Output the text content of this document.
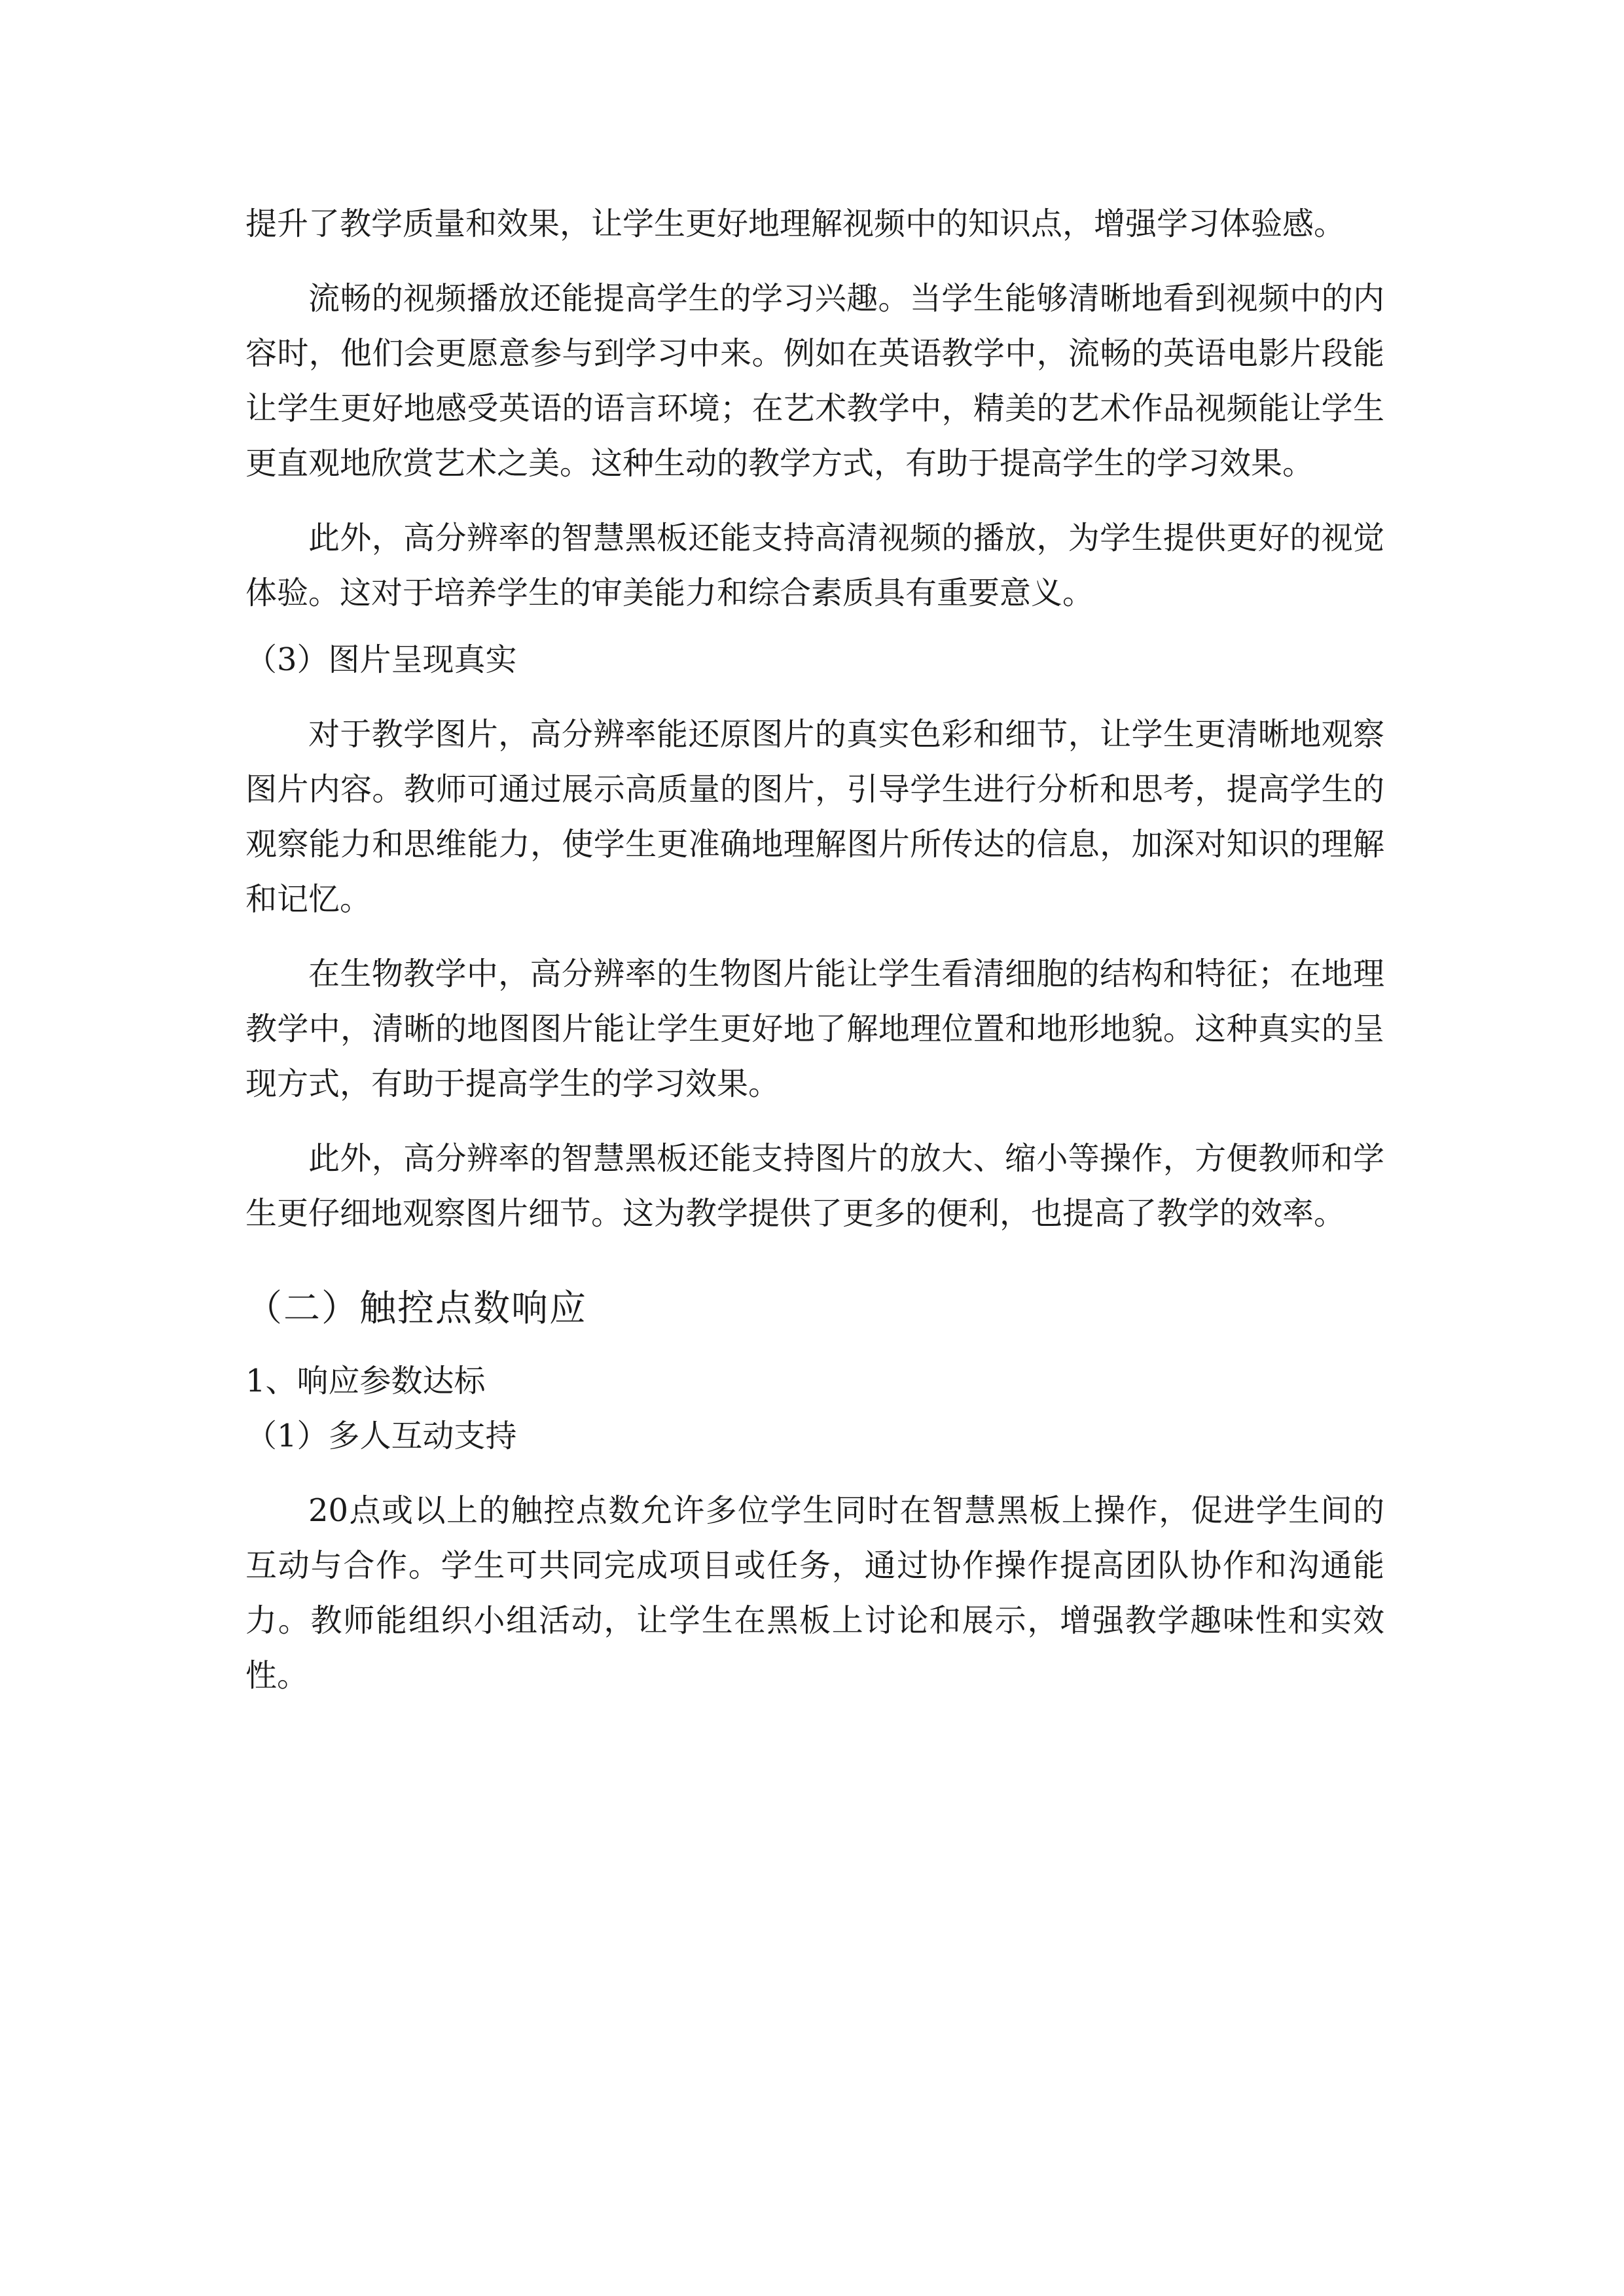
提升了教学质量和效果，让学生更好地理解视频中的知识点，增强学习体验感。

流畅的视频播放还能提高学生的学习兴趣。当学生能够清晰地看到视频中的内容时，他们会更愿意参与到学习中来。例如在英语教学中，流畅的英语电影片段能让学生更好地感受英语的语言环境；在艺术教学中，精美的艺术作品视频能让学生更直观地欣赏艺术之美。这种生动的教学方式，有助于提高学生的学习效果。

此外，高分辨率的智慧黑板还能支持高清视频的播放，为学生提供更好的视觉体验。这对于培养学生的审美能力和综合素质具有重要意义。

（3）图片呈现真实

对于教学图片，高分辨率能还原图片的真实色彩和细节，让学生更清晰地观察图片内容。教师可通过展示高质量的图片，引导学生进行分析和思考，提高学生的观察能力和思维能力，使学生更准确地理解图片所传达的信息，加深对知识的理解和记忆。

在生物教学中，高分辨率的生物图片能让学生看清细胞的结构和特征；在地理教学中，清晰的地图图片能让学生更好地了解地理位置和地形地貌。这种真实的呈现方式，有助于提高学生的学习效果。

此外，高分辨率的智慧黑板还能支持图片的放大、缩小等操作，方便教师和学生更仔细地观察图片细节。这为教学提供了更多的便利，也提高了教学的效率。

（二）触控点数响应

1、响应参数达标

（1）多人互动支持

20点或以上的触控点数允许多位学生同时在智慧黑板上操作，促进学生间的互动与合作。学生可共同完成项目或任务，通过协作操作提高团队协作和沟通能力。教师能组织小组活动，让学生在黑板上讨论和展示，增强教学趣味性和实效性。
